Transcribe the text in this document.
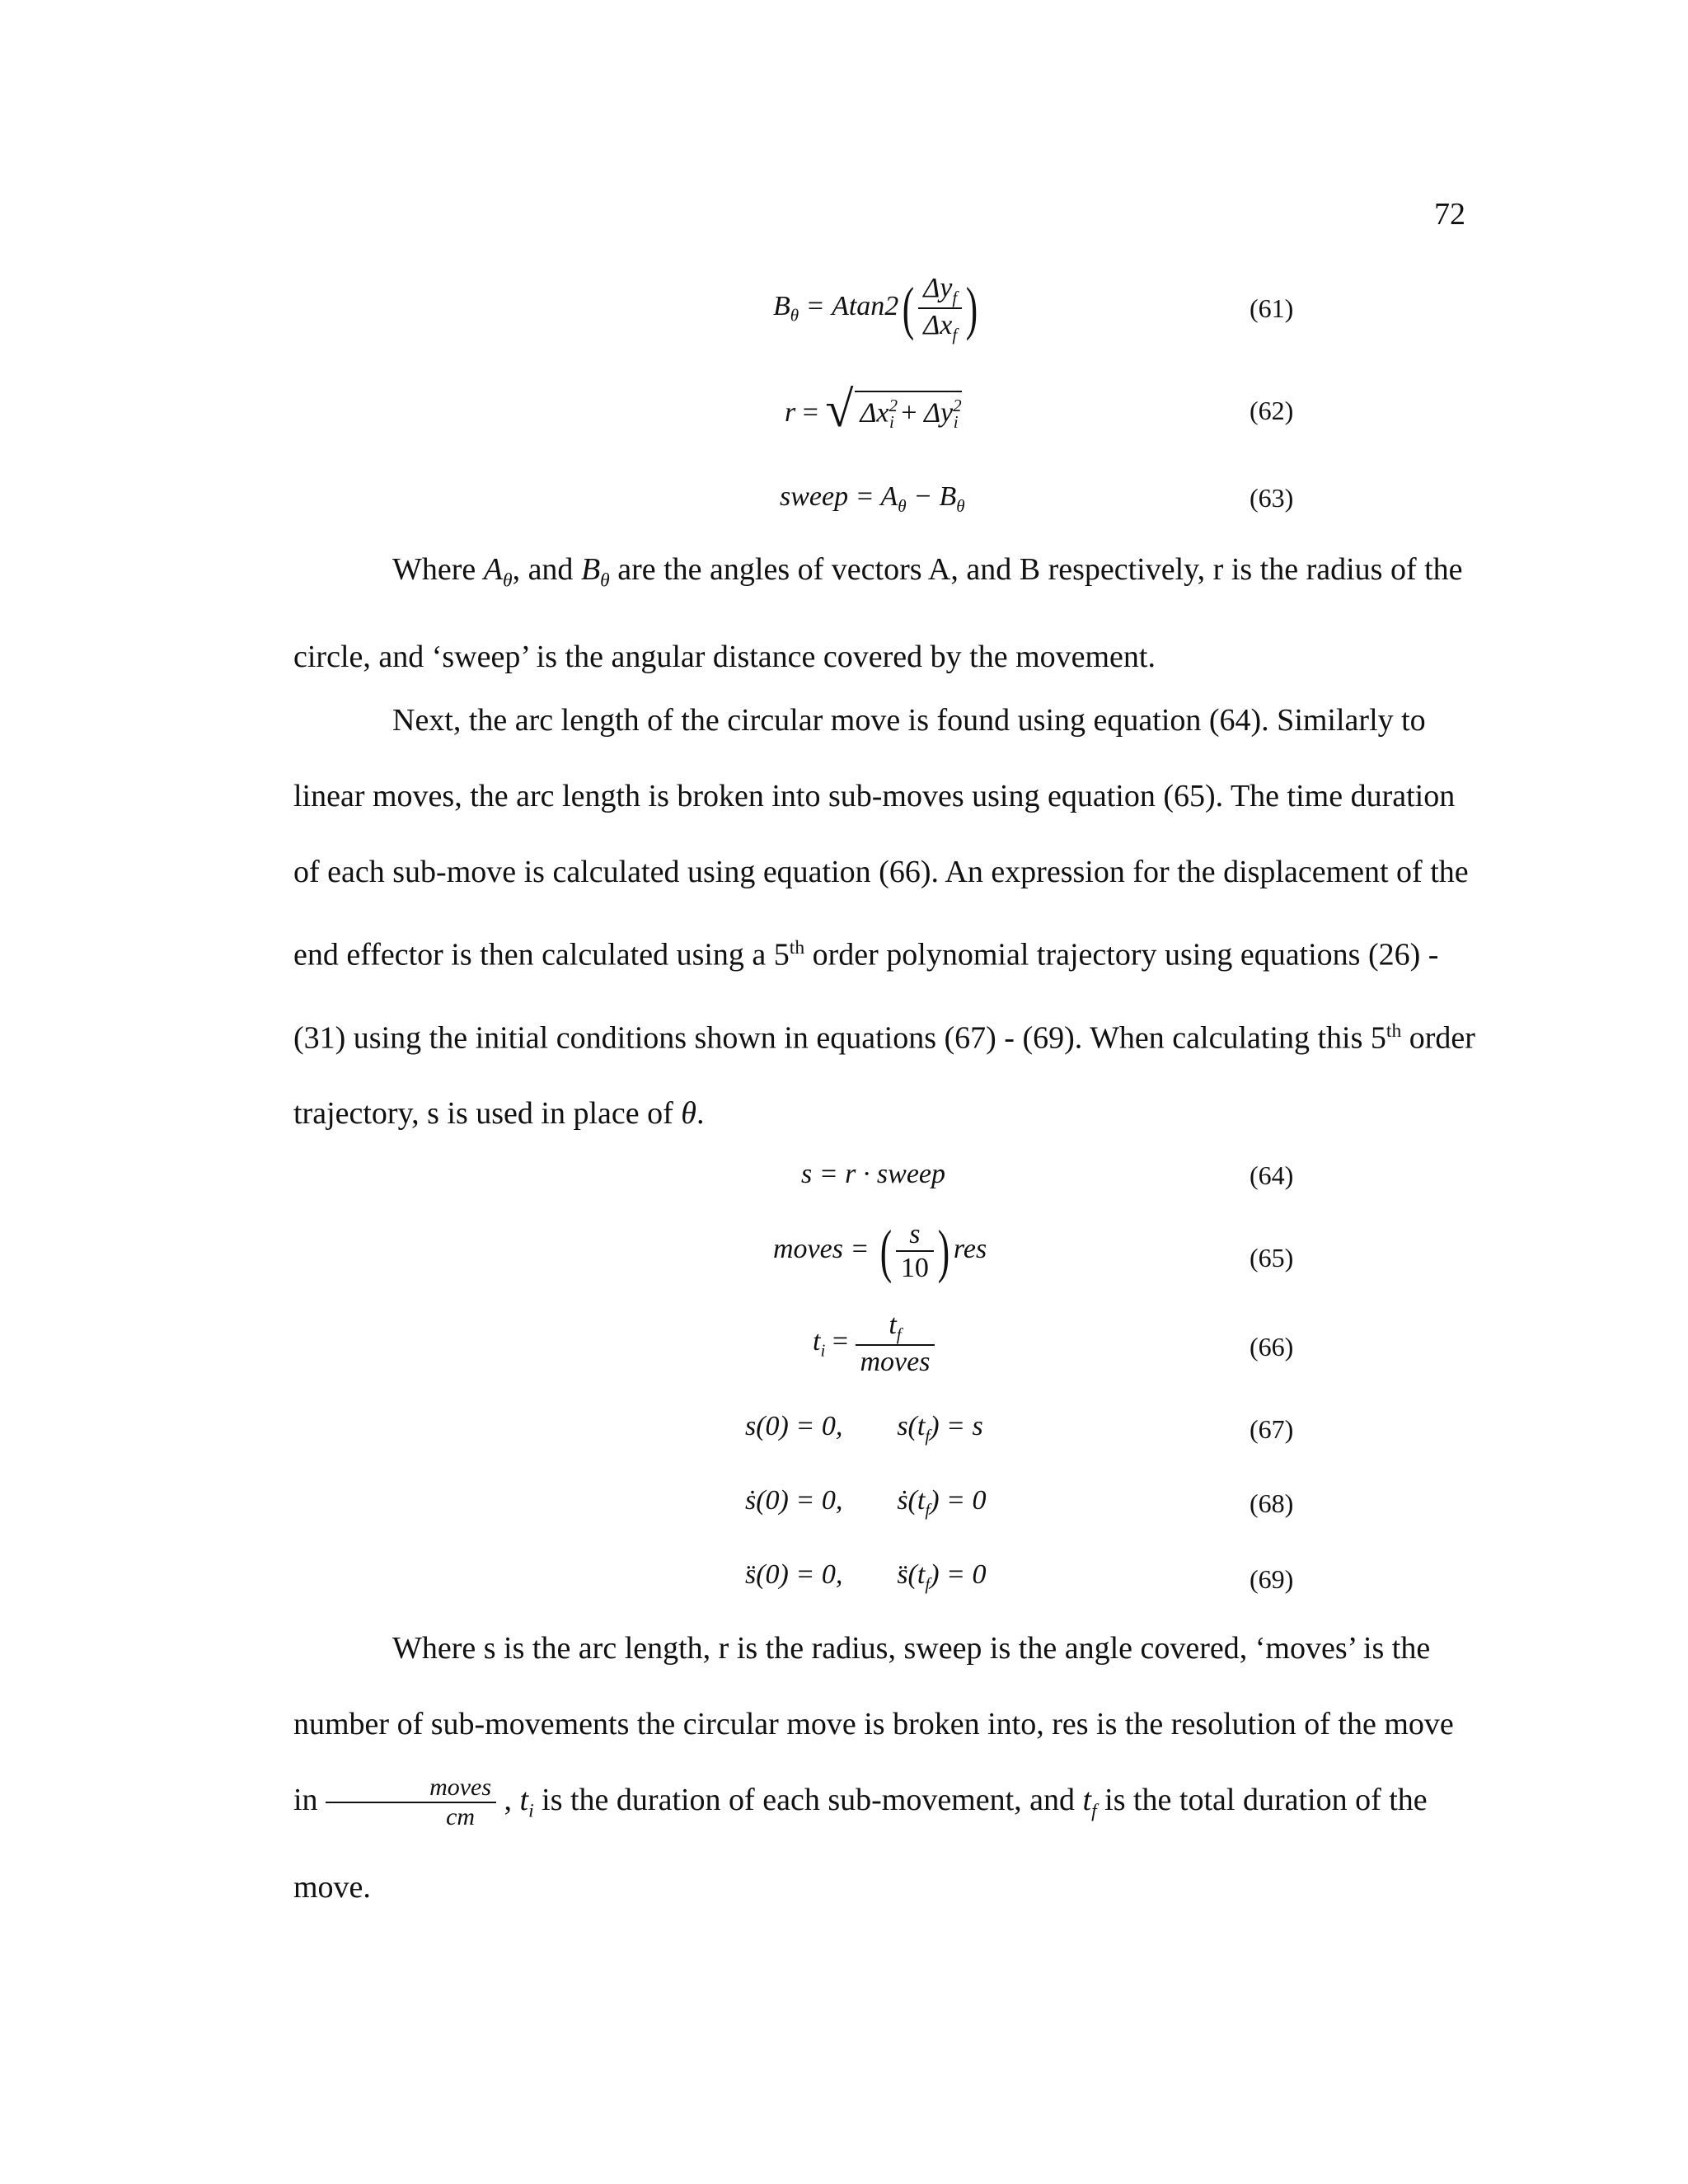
72
$B_\theta = Atan2( \frac{\Delta y_f}{\Delta x_f}$ )	(61)
r = √ $\Delta x^2_i + \Delta y^2_i$	(62)
sweep = $A_\theta - B_\theta$	(63)
Where $A_\theta$, and $B_\theta$ are the angles of vectors A, and B respectively, r is the radius of the circle, and ‘sweep’ is the angular distance covered by the movement.
Next, the arc length of the circular move is found using equation (64). Similarly to linear moves, the arc length is broken into sub-moves using equation (65). The time duration of each sub-move is calculated using equation (66). An expression for the displacement of the end effector is then calculated using a 5th order polynomial trajectory using equations (26) - (31) using the initial conditions shown in equations (67) - (69). When calculating this 5th order trajectory, s is used in place of θ.
s = r · sweep	(64)
moves = ( $\frac{s}{10}$ ) res	(65)
$t_i = \frac{t_f}{\text{moves}}$	(66)
s(0) = 0, $s(t_f) = s$	(67)
ṡ(0) = 0, $ṡ(t_f) = 0$	(68)
s̈(0) = 0, $s̈(t_f) = 0$	(69)
Where s is the arc length, r is the radius, sweep is the angle covered, ‘moves’ is the number of sub-movements the circular move is broken into, res is the resolution of the move in $\frac{\text{moves}}{cm}$ , $t_i$ is the duration of each sub-movement, and $t_f$ is the total duration of the move.
